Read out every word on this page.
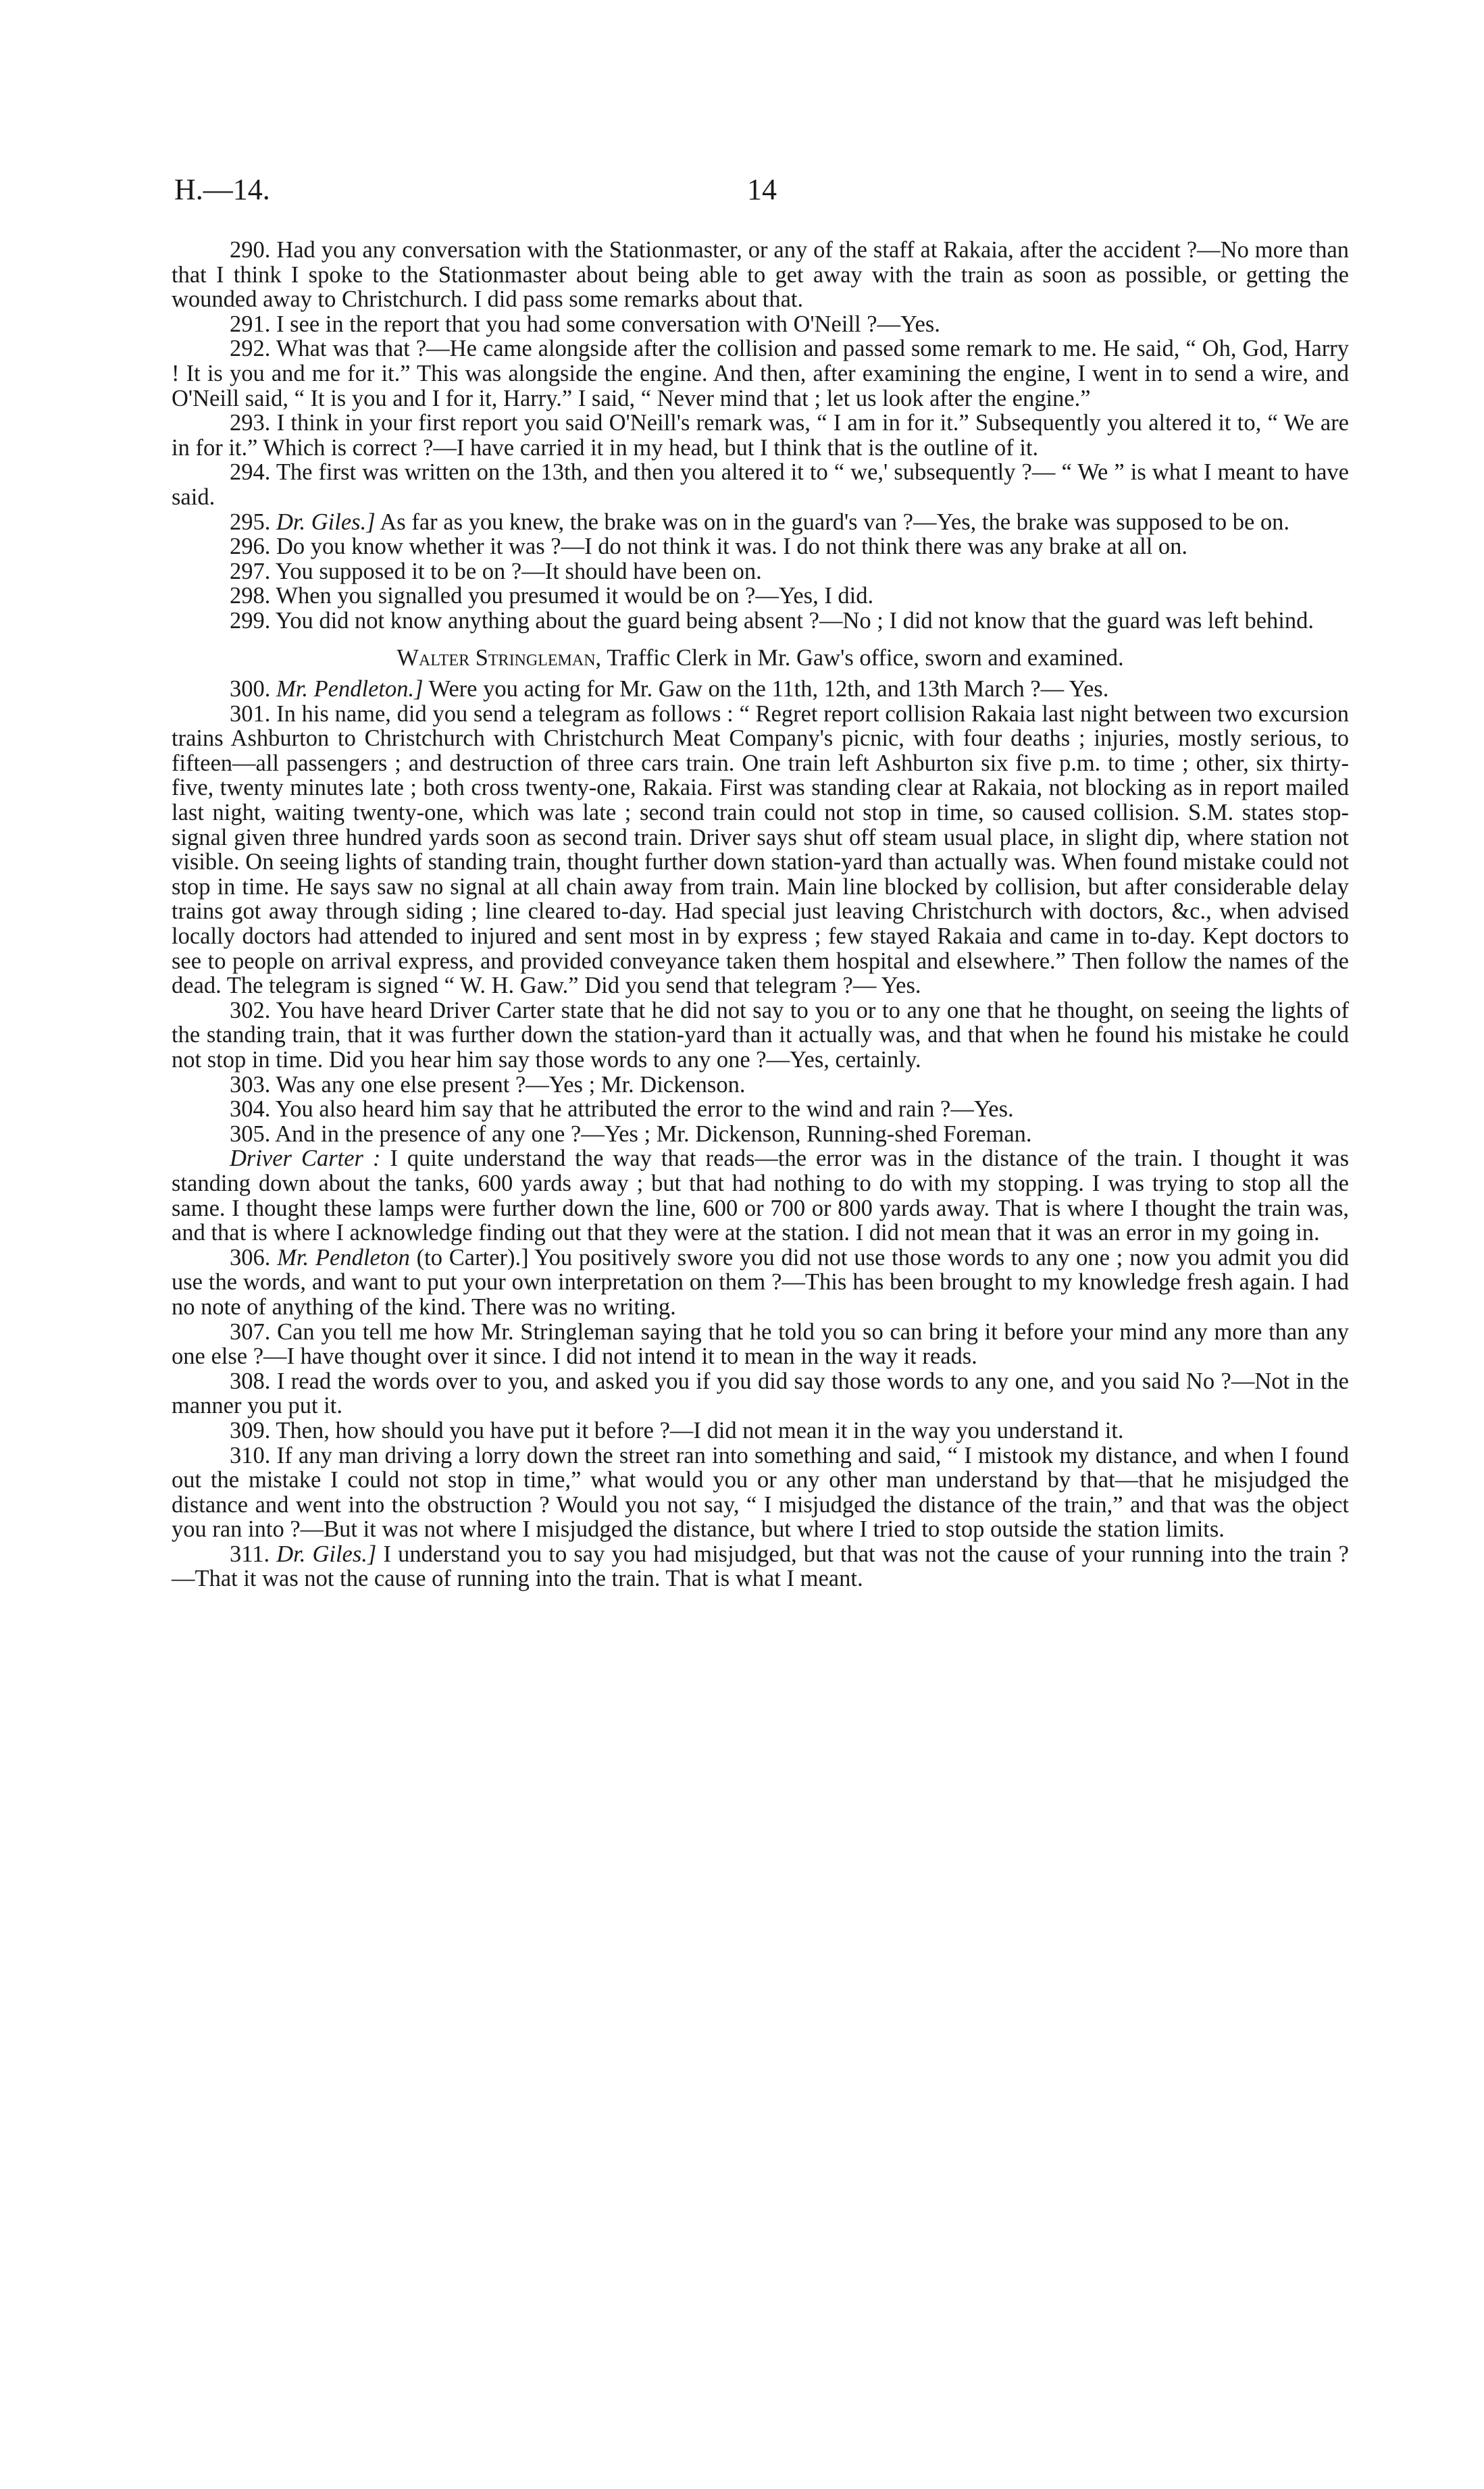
H.—14.	14

290. Had you any conversation with the Stationmaster, or any of the staff at Rakaia, after the accident ?—No more than that I think I spoke to the Stationmaster about being able to get away with the train as soon as possible, or getting the wounded away to Christchurch. I did pass some remarks about that.

291. I see in the report that you had some conversation with O'Neill ?—Yes.

292. What was that ?—He came alongside after the collision and passed some remark to me. He said, “ Oh, God, Harry ! It is you and me for it.” This was alongside the engine. And then, after examining the engine, I went in to send a wire, and O'Neill said, “ It is you and I for it, Harry.” I said, “ Never mind that ; let us look after the engine.”

293. I think in your first report you said O'Neill's remark was, “ I am in for it.” Subsequently you altered it to, “ We are in for it.” Which is correct ?—I have carried it in my head, but I think that is the outline of it.

294. The first was written on the 13th, and then you altered it to “ we,' subsequently ?— “ We ” is what I meant to have said.

295. Dr. Giles.] As far as you knew, the brake was on in the guard's van ?—Yes, the brake was supposed to be on.

296. Do you know whether it was ?—I do not think it was. I do not think there was any brake at all on.

297. You supposed it to be on ?—It should have been on.

298. When you signalled you presumed it would be on ?—Yes, I did.

299. You did not know anything about the guard being absent ?—No ; I did not know that the guard was left behind.

Walter Stringleman, Traffic Clerk in Mr. Gaw's office, sworn and examined.

300. Mr. Pendleton.] Were you acting for Mr. Gaw on the 11th, 12th, and 13th March ?— Yes.

301. In his name, did you send a telegram as follows : “ Regret report collision Rakaia last night between two excursion trains Ashburton to Christchurch with Christchurch Meat Company's picnic, with four deaths ; injuries, mostly serious, to fifteen—all passengers ; and destruction of three cars train. One train left Ashburton six five p.m. to time ; other, six thirty-five, twenty minutes late ; both cross twenty-one, Rakaia. First was standing clear at Rakaia, not blocking as in report mailed last night, waiting twenty-one, which was late ; second train could not stop in time, so caused collision. S.M. states stop-signal given three hundred yards soon as second train. Driver says shut off steam usual place, in slight dip, where station not visible. On seeing lights of standing train, thought further down station-yard than actually was. When found mistake could not stop in time. He says saw no signal at all chain away from train. Main line blocked by collision, but after considerable delay trains got away through siding ; line cleared to-day. Had special just leaving Christchurch with doctors, &c., when advised locally doctors had attended to injured and sent most in by express ; few stayed Rakaia and came in to-day. Kept doctors to see to people on arrival express, and provided conveyance taken them hospital and elsewhere.” Then follow the names of the dead. The telegram is signed “ W. H. Gaw.” Did you send that telegram ?— Yes.

302. You have heard Driver Carter state that he did not say to you or to any one that he thought, on seeing the lights of the standing train, that it was further down the station-yard than it actually was, and that when he found his mistake he could not stop in time. Did you hear him say those words to any one ?—Yes, certainly.

303. Was any one else present ?—Yes ; Mr. Dickenson.

304. You also heard him say that he attributed the error to the wind and rain ?—Yes.

305. And in the presence of any one ?—Yes ; Mr. Dickenson, Running-shed Foreman.

Driver Carter : I quite understand the way that reads—the error was in the distance of the train. I thought it was standing down about the tanks, 600 yards away ; but that had nothing to do with my stopping. I was trying to stop all the same. I thought these lamps were further down the line, 600 or 700 or 800 yards away. That is where I thought the train was, and that is where I acknowledge finding out that they were at the station. I did not mean that it was an error in my going in.

306. Mr. Pendleton (to Carter).] You positively swore you did not use those words to any one ; now you admit you did use the words, and want to put your own interpretation on them ?—This has been brought to my knowledge fresh again. I had no note of anything of the kind. There was no writing.

307. Can you tell me how Mr. Stringleman saying that he told you so can bring it before your mind any more than any one else ?—I have thought over it since. I did not intend it to mean in the way it reads.

308. I read the words over to you, and asked you if you did say those words to any one, and you said No ?—Not in the manner you put it.

309. Then, how should you have put it before ?—I did not mean it in the way you understand it.

310. If any man driving a lorry down the street ran into something and said, “ I mistook my distance, and when I found out the mistake I could not stop in time,” what would you or any other man understand by that—that he misjudged the distance and went into the obstruction ? Would you not say, “ I misjudged the distance of the train,” and that was the object you ran into ?—But it was not where I misjudged the distance, but where I tried to stop outside the station limits.

311. Dr. Giles.] I understand you to say you had misjudged, but that was not the cause of your running into the train ?—That it was not the cause of running into the train. That is what I meant.
